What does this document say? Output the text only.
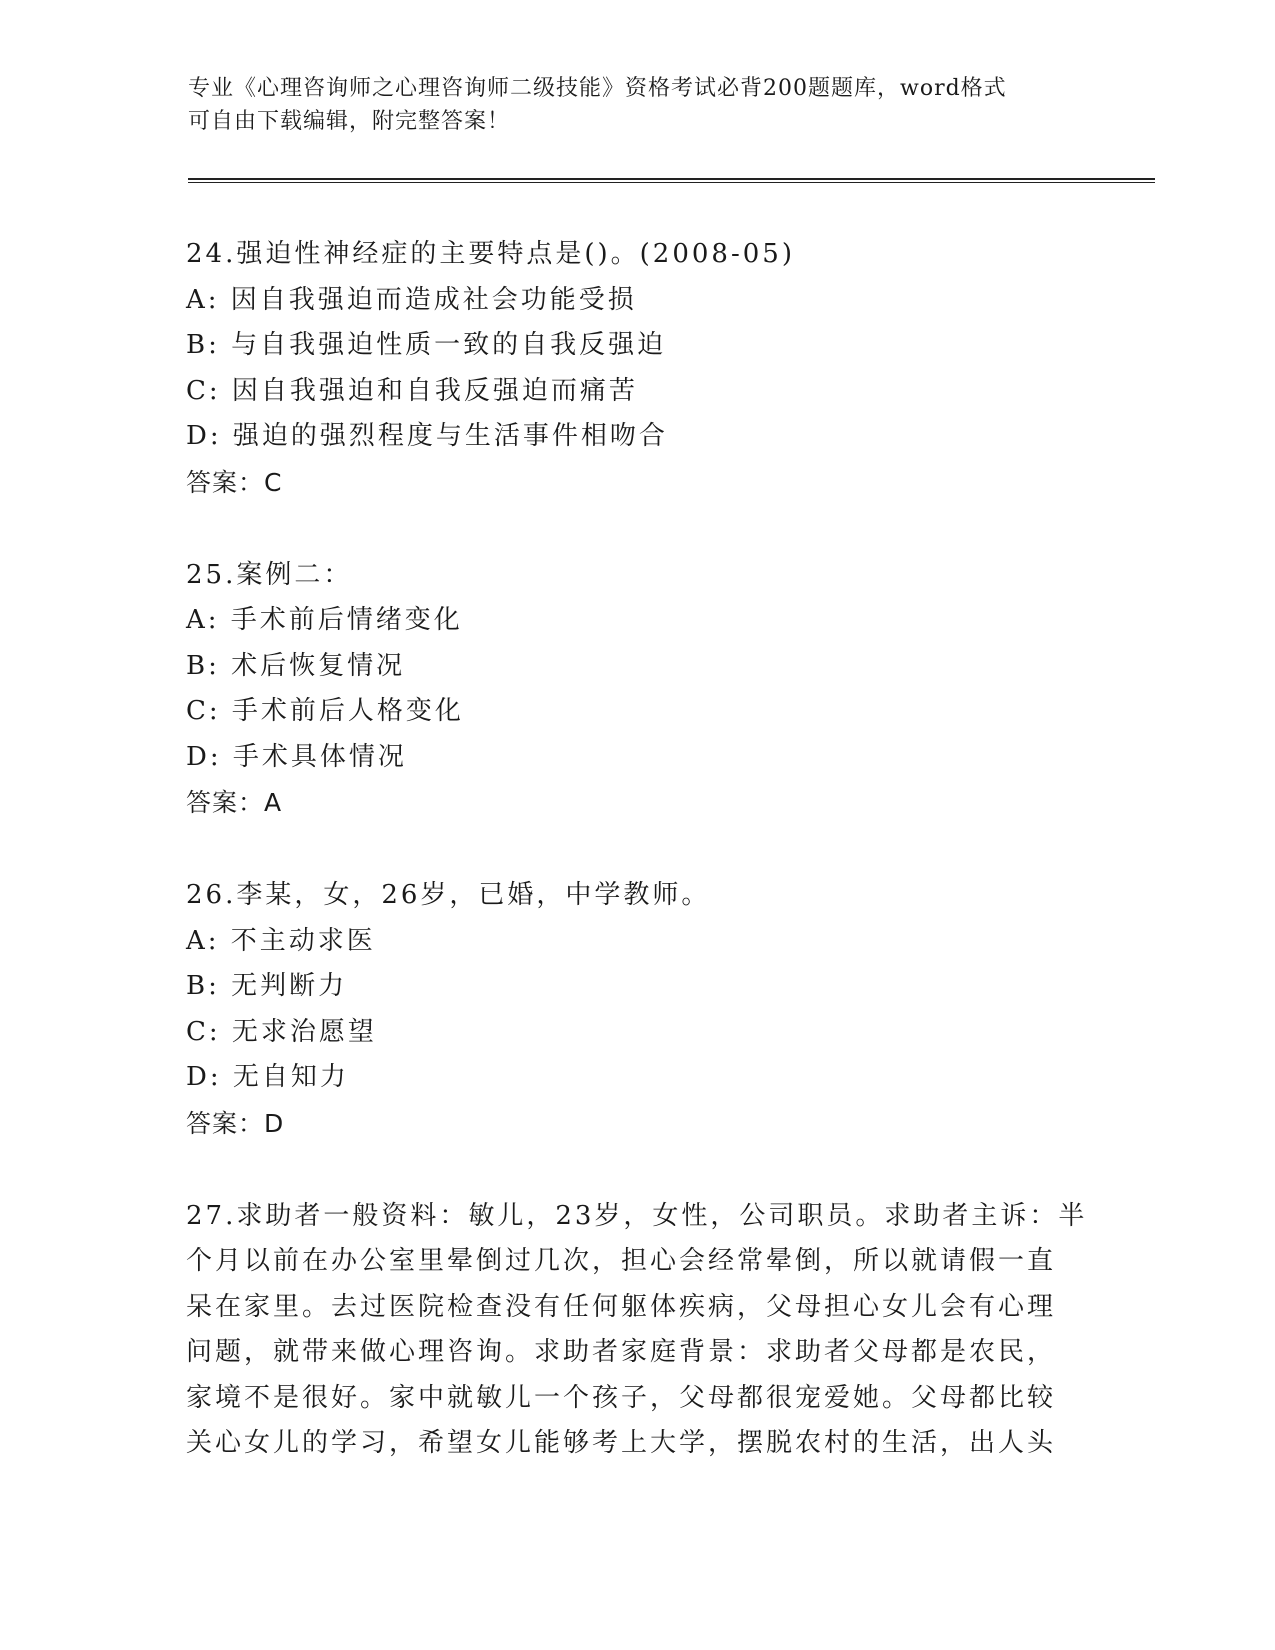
专业《心理咨询师之心理咨询师二级技能》资格考试必背200题题库，word格式
可自由下载编辑，附完整答案！
24.强迫性神经症的主要特点是()。(2008-05)
A: 因自我强迫而造成社会功能受损
B: 与自我强迫性质一致的自我反强迫
C: 因自我强迫和自我反强迫而痛苦
D: 强迫的强烈程度与生活事件相吻合
答案：C
25.案例二：
A: 手术前后情绪变化
B: 术后恢复情况
C: 手术前后人格变化
D: 手术具体情况
答案：A
26.李某，女，26岁，已婚，中学教师。
A: 不主动求医
B: 无判断力
C: 无求治愿望
D: 无自知力
答案：D
27.求助者一般资料：敏儿，23岁，女性，公司职员。求助者主诉：半
个月以前在办公室里晕倒过几次，担心会经常晕倒，所以就请假一直
呆在家里。去过医院检查没有任何躯体疾病，父母担心女儿会有心理
问题，就带来做心理咨询。求助者家庭背景：求助者父母都是农民，
家境不是很好。家中就敏儿一个孩子，父母都很宠爱她。父母都比较
关心女儿的学习，希望女儿能够考上大学，摆脱农村的生活，出人头
